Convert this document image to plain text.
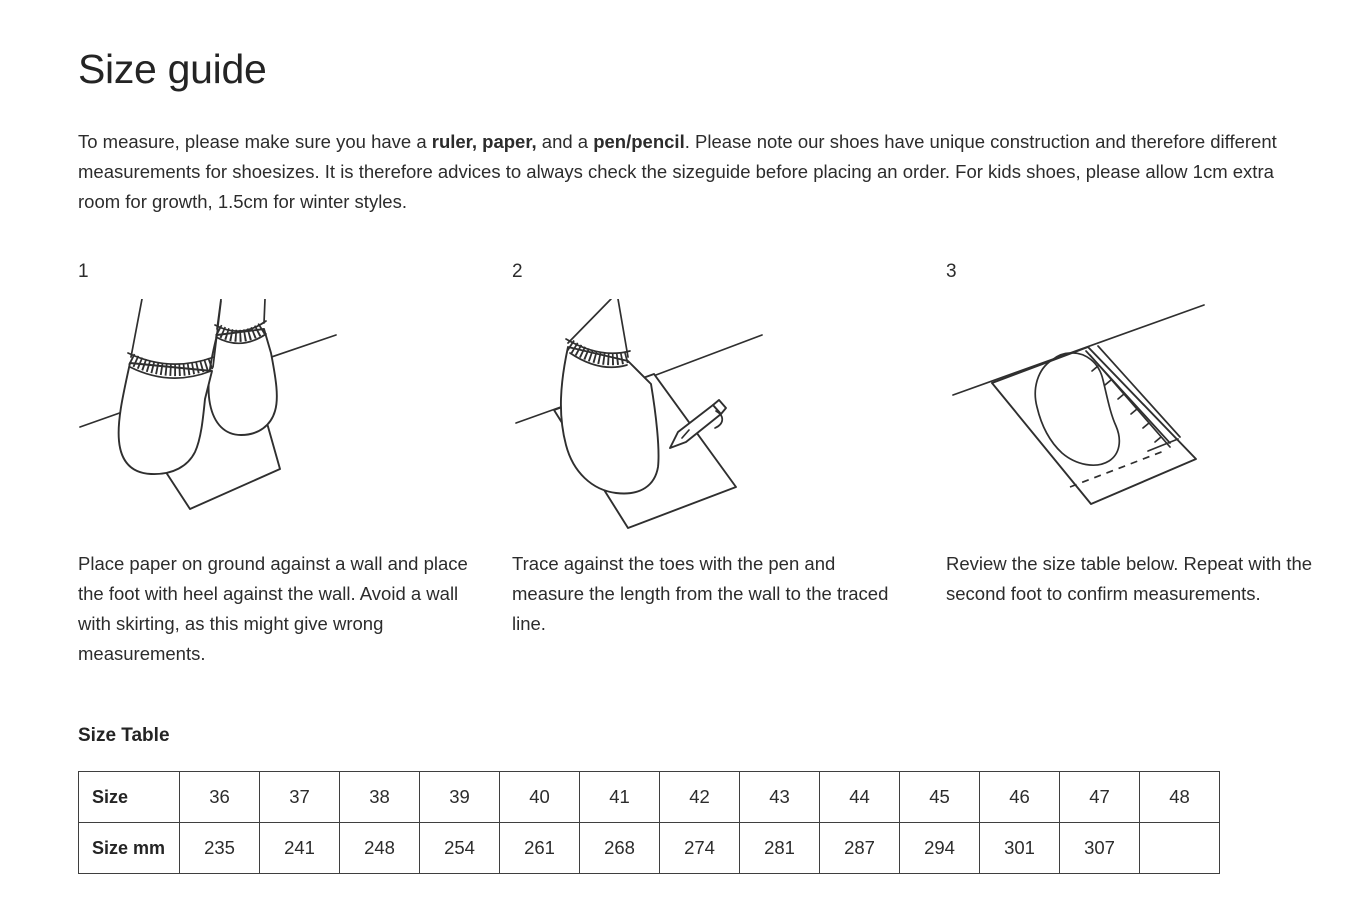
Size guide

To measure, please make sure you have a ruler, paper, and a pen/pencil. Please note our shoes have unique construction and therefore different measurements for shoesizes. It is therefore advices to always check the sizeguide before placing an order. For kids shoes, please allow 1cm extra room for growth, 1.5cm for winter styles.

1

Place paper on ground against a wall and place the foot with heel against the wall. Avoid a wall with skirting, as this might give wrong measurements.

2

Trace against the toes with the pen and measure the length from the wall to the traced line.

3

Review the size table below. Repeat with the second foot to confirm measurements.

Size Table
Size	36	37	38	39	40	41	42	43	44	45	46	47	48
Size mm	235	241	248	254	261	268	274	281	287	294	301	307	
